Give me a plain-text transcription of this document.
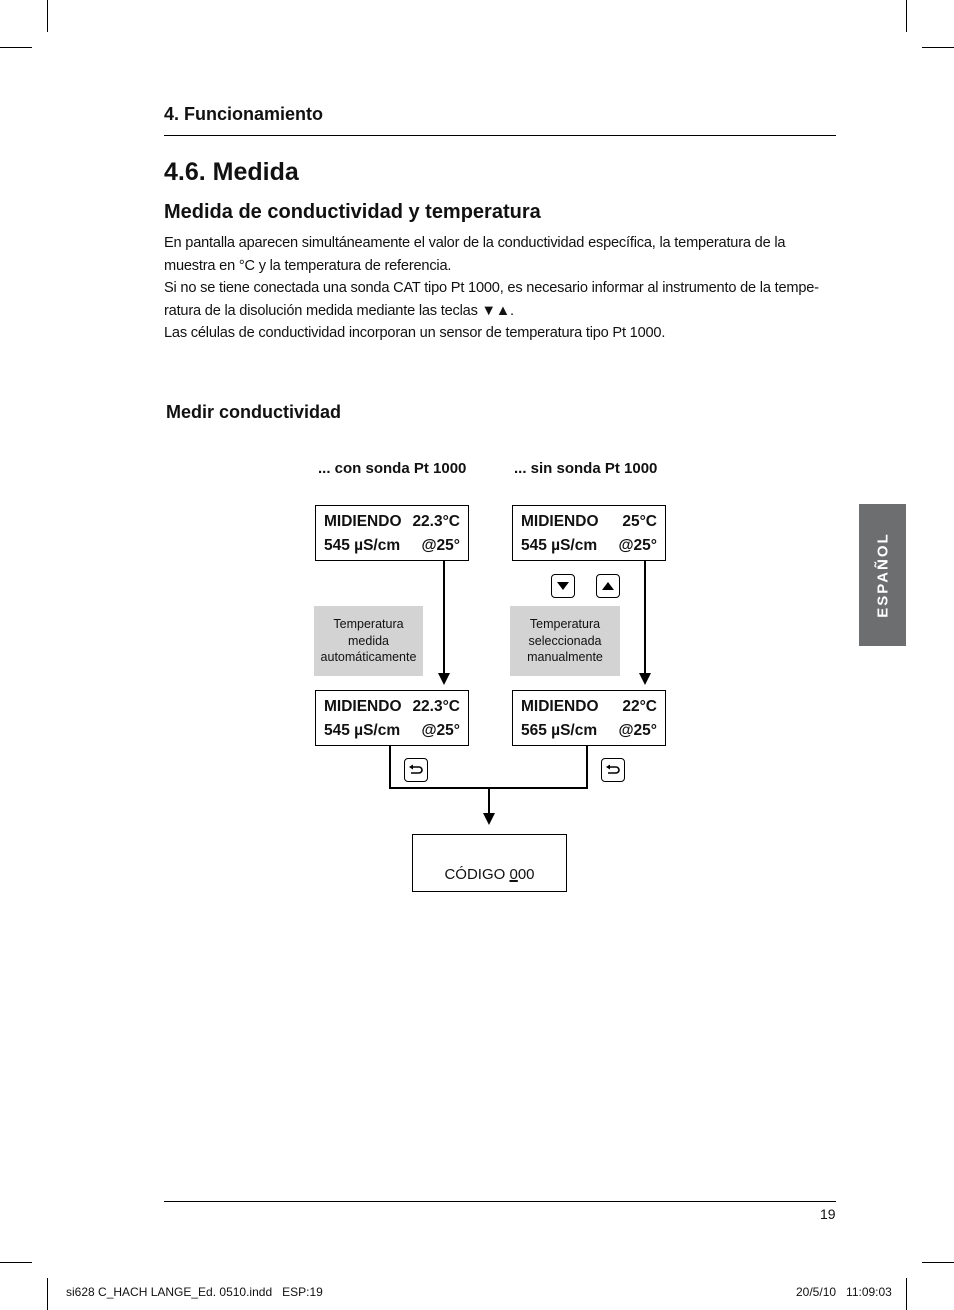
4. Funcionamiento
4.6. Medida
Medida de conductividad y temperatura

En pantalla aparecen simultáneamente el valor de la conductividad específica, la temperatura de la muestra en °C y la temperatura de referencia.

Si no se tiene conectada una sonda CAT tipo Pt 1000, es necesario informar al instrumento de la tempe-ratura de la disolución medida mediante las teclas ▼▲.

Las células de conductividad incorporan un sensor de temperatura tipo Pt 1000.

Medir conductividad
... con sonda Pt 1000	... sin sonda Pt 1000
MIDIENDO 22.3°C
545 µS/cm @25°
MIDIENDO 25°C
545 µS/cm @25°
Temperatura
medida
automáticamente
Temperatura
seleccionada
manualmente
MIDIENDO 22.3°C
545 µS/cm @25°
MIDIENDO 22°C
565 µS/cm @25°
CÓDIGO 000
ESPAÑOL
19
si628 C_HACH LANGE_Ed. 0510.indd   ESP:19	20/5/10   11:09:03
